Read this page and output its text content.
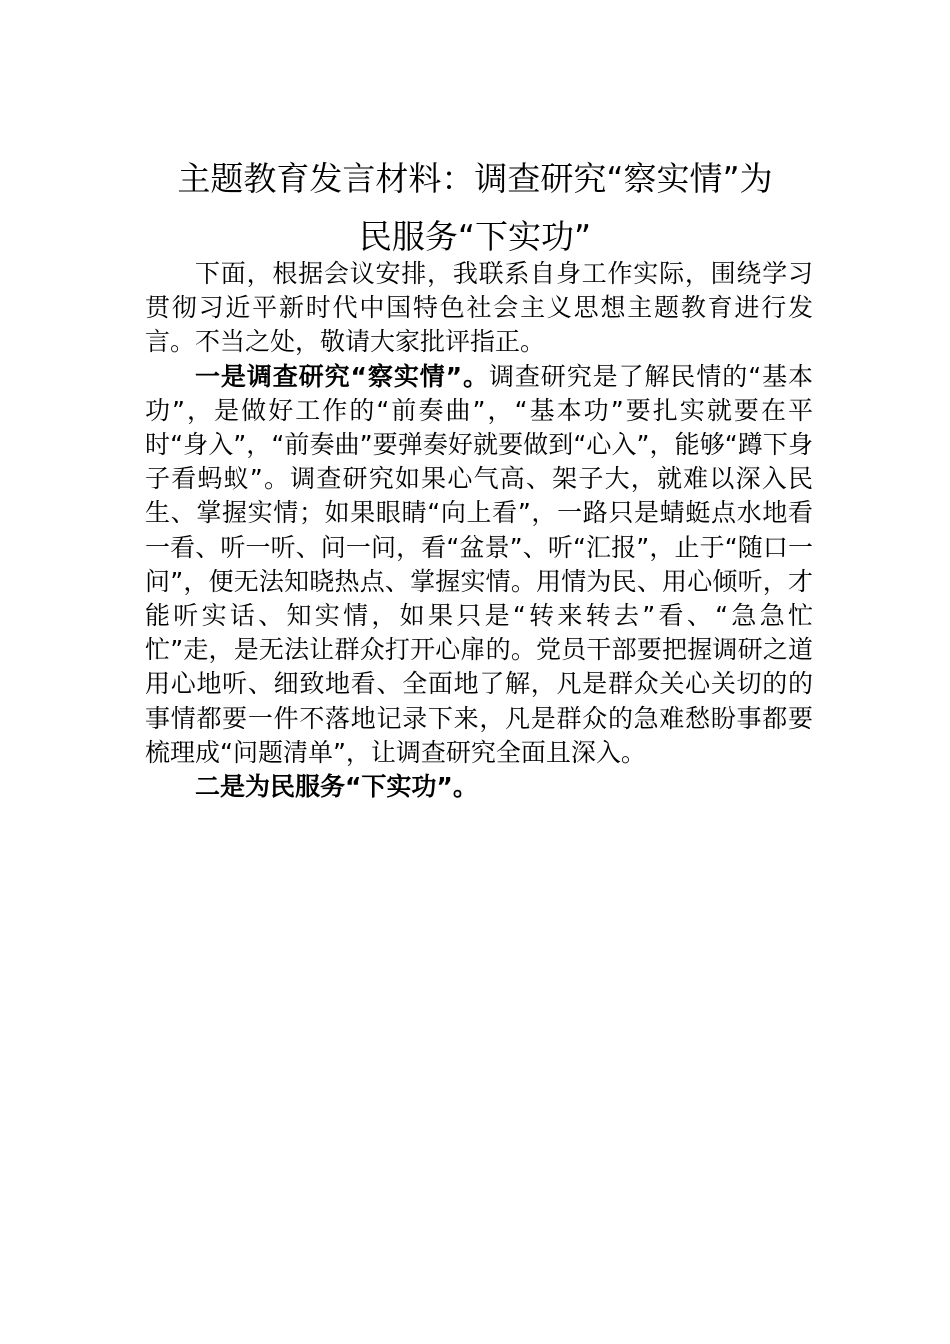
主题教育发言材料：调查研究“察实情”为
民服务“下实功”

下面，根据会议安排，我联系自身工作实际，围绕学习贯彻习近平新时代中国特色社会主义思想主题教育进行发言。不当之处，敬请大家批评指正。

一是调查研究“察实情”。调查研究是了解民情的“基本功”，是做好工作的“前奏曲”，“基本功”要扎实就要在平时“身入”，“前奏曲”要弹奏好就要做到“心入”，能够“蹲下身子看蚂蚁”。调查研究如果心气高、架子大，就难以深入民生、掌握实情；如果眼睛“向上看”，一路只是蜻蜓点水地看一看、听一听、问一问，看“盆景”、听“汇报”，止于“随口一问”，便无法知晓热点、掌握实情。用情为民、用心倾听，才能听实话、知实情，如果只是“转来转去”看、“急急忙忙”走，是无法让群众打开心扉的。党员干部要把握调研之道用心地听、细致地看、全面地了解，凡是群众关心关切的的事情都要一件不落地记录下来，凡是群众的急难愁盼事都要梳理成“问题清单”，让调查研究全面且深入。

二是为民服务“下实功”。
